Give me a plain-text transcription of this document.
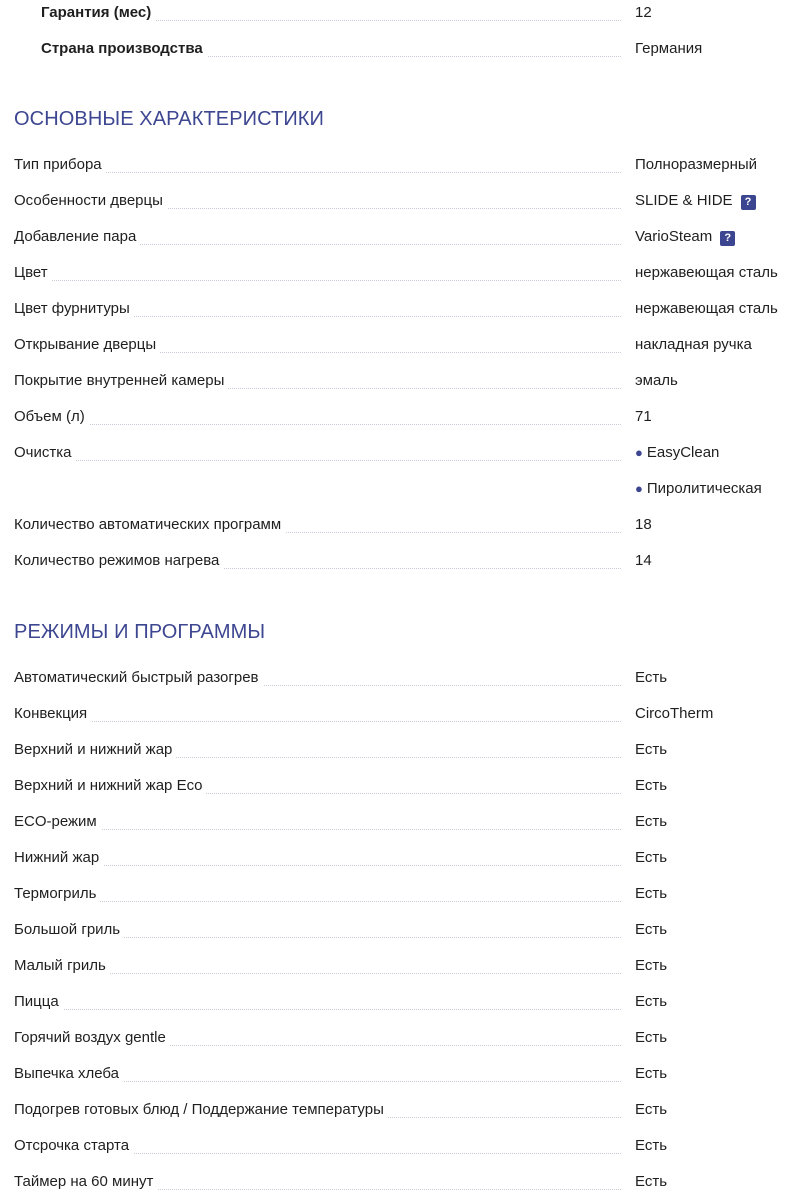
Гарантия (мес)	12
Страна производства	Германия
ОСНОВНЫЕ ХАРАКТЕРИСТИКИ
Тип прибора	Полноразмерный
Особенности дверцы	SLIDE & HIDE ?
Добавление пара	VarioSteam ?
Цвет	нержавеющая сталь
Цвет фурнитуры	нержавеющая сталь
Открывание дверцы	накладная ручка
Покрытие внутренней камеры	эмаль
Объем (л)	71
Очистка	● EasyClean
● Пиролитическая
Количество автоматических программ	18
Количество режимов нагрева	14
РЕЖИМЫ И ПРОГРАММЫ
Автоматический быстрый разогрев	Есть
Конвекция	CircoTherm
Верхний и нижний жар	Есть
Верхний и нижний жар Eco	Есть
ECO-режим	Есть
Нижний жар	Есть
Термогриль	Есть
Большой гриль	Есть
Малый гриль	Есть
Пицца	Есть
Горячий воздух gentle	Есть
Выпечка хлеба	Есть
Подогрев готовых блюд / Поддержание температуры	Есть
Отсрочка старта	Есть
Таймер на 60 минут	Есть
